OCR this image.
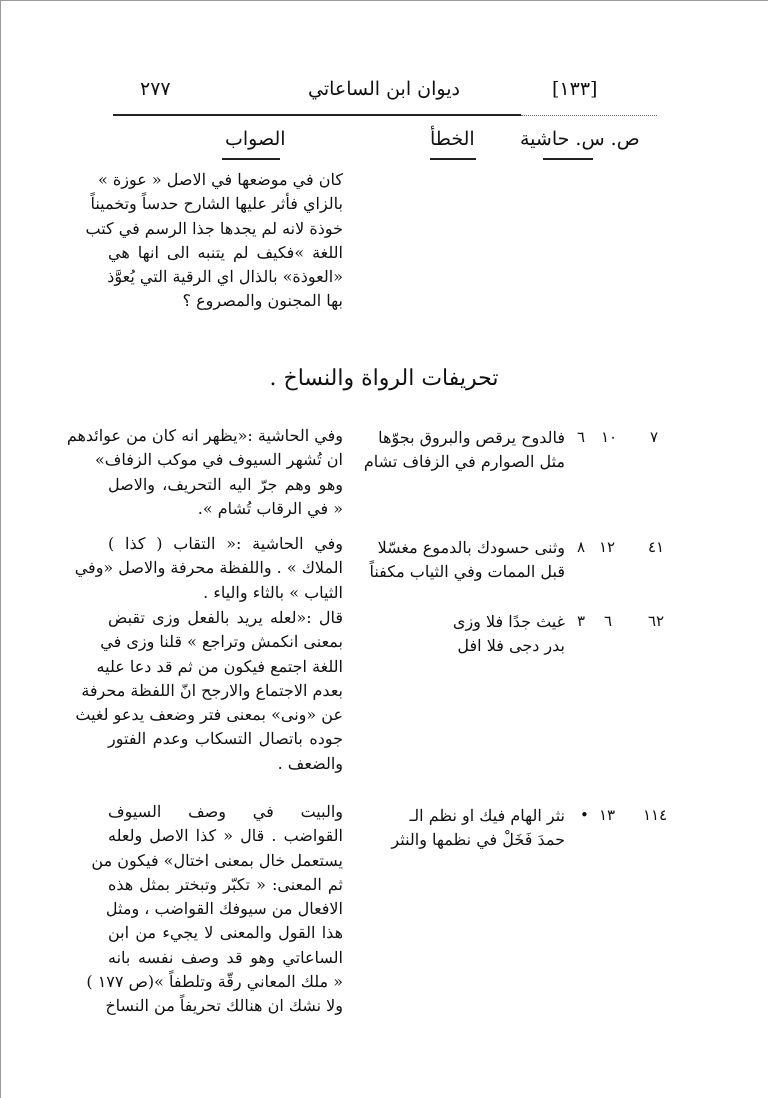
٢٧٧	ديوان ابن الساعاتي	[١٣٣]
ص. س. حاشية
الخطأ
الصواب
كان في موضعها في الاصل « عوزة »
بالزاي فأثر عليها الشارح حدساً وتخميناً
خوذة لانه لم يجدها جذا الرسم في كتب
اللغة »فكيف لم يتنبه الى انها هي
«العوذة» بالذال اي الرقية التي يُعوَّذ
بها المجنون والمصروع ؟
تحريفات الرواة والنساخ .
٧
١٠
٦
فالدوح يرقص والبروق بجوّها
مثل الصوارم في الزفاف تشام
وفي الحاشية :«يظهر انه كان من عوائدهم
ان تُشهر السيوف في موكب الزفاف»
وهو وهم جرّ اليه التحريف، والاصل
« في الرقاب تُشام ».
٤١
١٢
٨
وثنى حسودك بالدموع مغسّلا
قبل الممات وفي الثياب مكفناً
وفي الحاشية :« التقاب ( كذا )
الملاك » . واللفظة محرفة والاصل «وفي
الثياب » بالثاء والياء .
٦٢
٦
٣
غيث جدًا فلا وزى
بدر دجى فلا افل
قال :«لعله يريد بالفعل وزى تقبض
بمعنى انكمش وتراجع » قلنا وزى في
اللغة اجتمع فيكون من ثم قد دعا عليه
بعدم الاجتماع والارجح انّ اللفظة محرفة
عن «ونى» بمعنى فتر وضعف يدعو لغيث
جوده باتصال التسكاب وعدم الفتور
والضعف .
١١٤
١٣
•
نثر الهام فيك او نظم الـ
حمدَ فَخَلْ في نظمها والنثر
والبيت في وصف السيوف
القواضب . قال « كذا الاصل ولعله
يستعمل خال بمعنى اختال» فيكون من
ثم المعنى: « تكبّر وتبختر بمثل هذه
الافعال من سيوفك القواضب ، ومثل
هذا القول والمعنى لا يجيء من ابن
الساعاتي وهو قد وصف نفسه بانه
« ملك المعاني رقّة وتلطفاً »(ص ١٧٧ )
ولا نشك ان هنالك تحريفاً من النساخ
